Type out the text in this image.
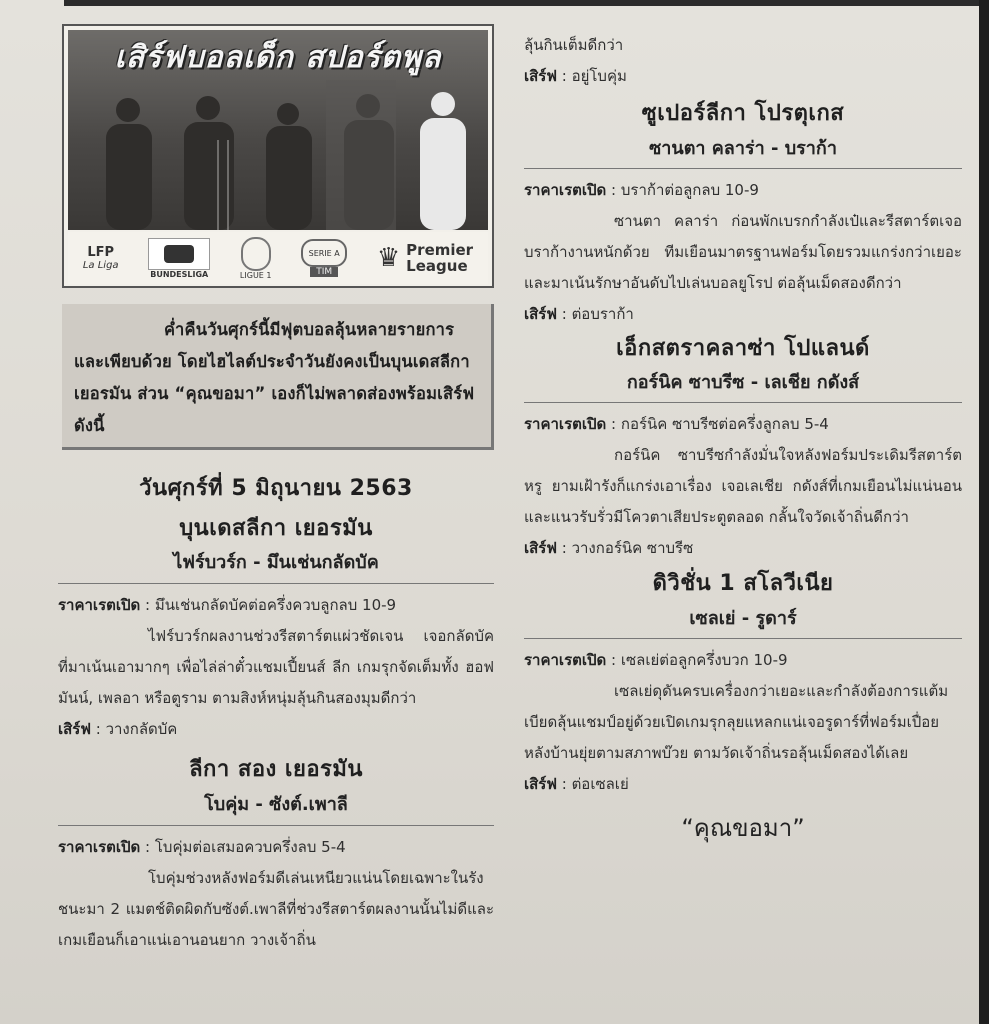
เสิร์ฟบอลเด็ก สปอร์ตพูล
LFP
La Liga
BUNDESLIGA	LIGUE 1
SERIE A
TIM ♛ Premier
League

ค่ำคืนวันศุกร์นี้มีฟุตบอลลุ้นหลายรายการ และเพียบด้วย โดยไฮไลต์ประจำวันยังคงเป็นบุนเดสลีกา เยอรมัน ส่วน “คุณขอมา” เองก็ไม่พลาดส่องพร้อมเสิร์ฟดังนี้

วันศุกร์ที่ 5 มิถุนายน 2563
บุนเดสลีกา เยอรมัน
ไฟร์บวร์ก - มึนเช่นกลัดบัค
ราคาเรตเปิด : มึนเช่นกลัดบัคต่อครึ่งควบลูกลบ 10-9

ไฟร์บวร์กผลงานช่วงรีสตาร์ตแผ่วชัดเจน เจอกลัดบัคที่มาเน้นเอามากๆ เพื่อไล่ล่าตั๋วแชมเปี้ยนส์ ลีก เกมรุกจัดเต็มทั้ง ฮอฟมันน์, เพลอา หรือตูราม ตามสิงห์หนุ่มลุ้นกินสองมุมดีกว่า

เสิร์ฟ : วางกลัดบัค
ลีกา สอง เยอรมัน
โบคุ่ม - ซังต์.เพาลี
ราคาเรตเปิด : โบคุ่มต่อเสมอควบครึ่งลบ 5-4

โบคุ่มช่วงหลังฟอร์มดีเล่นเหนียวแน่นโดยเฉพาะในรังชนะมา 2 แมตช์ติดผิดกับซังต์.เพาลีที่ช่วงรีสตาร์ตผลงานนั้นไม่ดีและเกมเยือนก็เอาแน่เอานอนยาก วางเจ้าถิ่น

ลุ้นกินเต็มดีกว่า
เสิร์ฟ : อยู่โบคุ่ม
ซูเปอร์ลีกา โปรตุเกส
ซานตา คลาร่า - บราก้า
ราคาเรตเปิด : บราก้าต่อลูกลบ 10-9

ซานตา คลาร่า ก่อนพักเบรกกำลังเป๋และรีสตาร์ตเจอบราก้างานหนักด้วย ทีมเยือนมาตรฐานฟอร์มโดยรวมแกร่งกว่าเยอะและมาเน้นรักษาอันดับไปเล่นบอลยูโรป ต่อลุ้นเม็ดสองดีกว่า

เสิร์ฟ : ต่อบราก้า
เอ็กสตราคลาซ่า โปแลนด์
กอร์นิค ซาบรีซ - เลเชีย กดังส์
ราคาเรตเปิด : กอร์นิค ซาบรีซต่อครึ่งลูกลบ 5-4

กอร์นิค ซาบรีซกำลังมั่นใจหลังฟอร์มประเดิมรีสตาร์ตหรู ยามเฝ้ารังก็แกร่งเอาเรื่อง เจอเลเชีย กดังส์ที่เกมเยือนไม่แน่นอนและแนวรับรั่วมีโควตาเสียประตูตลอด กลั้นใจวัดเจ้าถิ่นดีกว่า

เสิร์ฟ : วางกอร์นิค ซาบรีซ
ดิวิชั่น 1 สโลวีเนีย
เซลเย่ - รูดาร์
ราคาเรตเปิด : เซลเย่ต่อลูกครึ่งบวก 10-9

เซลเย่ดุดันครบเครื่องกว่าเยอะและกำลังต้องการแต้มเบียดลุ้นแชมป์อยู่ด้วยเปิดเกมรุกลุยแหลกแน่เจอรูดาร์ที่ฟอร์มเปื่อยหลังบ้านยุ่ยตามสภาพบ๊วย ตามวัดเจ้าถิ่นรอลุ้นเม็ดสองได้เลย

เสิร์ฟ : ต่อเซลเย่
“คุณขอมา”
